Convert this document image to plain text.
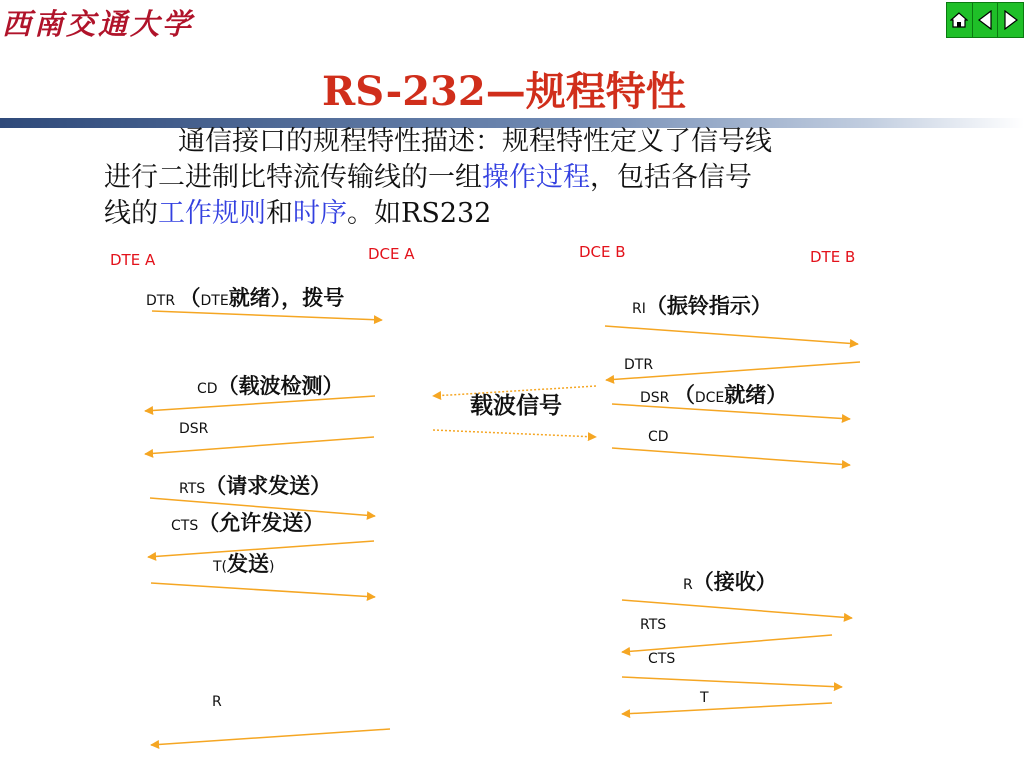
西南交通大学
RS-232—规程特性
通信接口的规程特性描述：规程特性定义了信号线
进行二进制比特流传输线的一组操作过程，包括各信号
线的工作规则和时序。如RS232
DTE A	DCE A	DCE B	DTE B
DTR （DTE就绪），拨号
CD（载波检测）
DSR
RTS（请求发送）
CTS（允许发送）
T(发送)
R
载波信号
RI（振铃指示）
DTR
DSR （DCE就绪）
CD
R（接收）
RTS
CTS
T
